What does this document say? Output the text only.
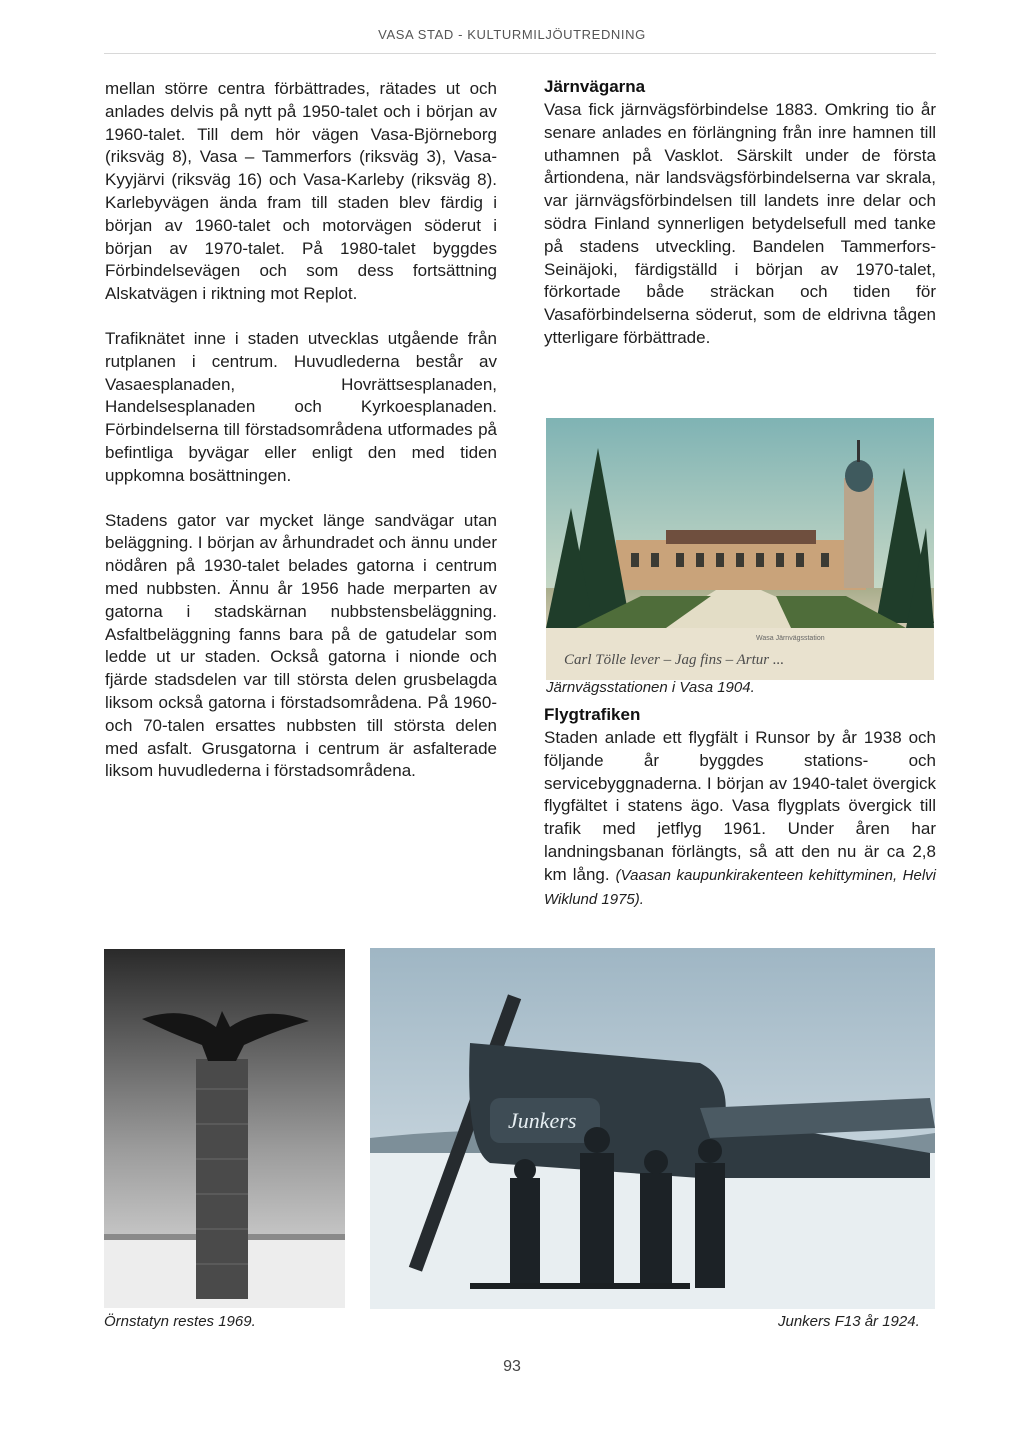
VASA STAD - KULTURMILJÖUTREDNING

mellan större centra förbättrades, rätades ut och anlades delvis på nytt på 1950-talet och i början av 1960-talet. Till dem hör vägen Vasa-Björneborg (riksväg 8), Vasa – Tammerfors (riksväg 3), Vasa-Kyyjärvi (riksväg 16) och Vasa-Karleby (riksväg 8). Karlebyvägen ända fram till staden blev färdig i början av 1960-talet och motorvägen söderut i början av 1970-talet. På 1980-talet byggdes Förbindelsevägen och som dess fortsättning Alskatvägen i riktning mot Replot.

Trafiknätet inne i staden utvecklas utgående från rutplanen i centrum. Huvudlederna består av Vasaesplanaden, Hovrättsesplanaden, Handelsesplanaden och Kyrkoesplanaden. Förbindelserna till förstadsområdena utformades på befintliga byvägar eller enligt den med tiden uppkomna bosättningen.

Stadens gator var mycket länge sandvägar utan beläggning. I början av århundradet och ännu under nödåren på 1930-talet belades gatorna i centrum med nubbsten. Ännu år 1956 hade merparten av gatorna i stadskärnan nubbstensbeläggning. Asfaltbeläggning fanns bara på de gatudelar som ledde ut ur staden. Också gatorna i nionde och fjärde stadsdelen var till största delen grusbelagda liksom också gatorna i förstadsområdena. På 1960- och 70-talen ersattes nubbsten till största delen med asfalt. Grusgatorna i centrum är asfalterade liksom huvudlederna i förstadsområdena.

Järnvägarna

Vasa fick järnvägsförbindelse 1883. Omkring tio år senare anlades en förlängning från inre hamnen till uthamnen på Vasklot. Särskilt under de första årtiondena, när landsvägsförbindelserna var skrala, var järnvägsförbindelsen till landets inre delar och södra Finland synnerligen betydelsefull med tanke på stadens utveckling. Bandelen Tammerfors-Seinäjoki, färdigställd i början av 1970-talet, förkortade både sträckan och tiden för Vasaförbindelserna söderut, som de eldrivna tågen ytterligare förbättrade.

Wasa Järnvägsstation
Carl Tölle lever – Jag fins – Artur ...
Järnvägsstationen i Vasa 1904.
Flygtrafiken

Staden anlade ett flygfält i Runsor by år 1938 och följande år byggdes stations- och servicebyggnaderna. I början av 1940-talet övergick flygfältet i statens ägo. Vasa flygplats övergick till trafik med jetflyg 1961. Under åren har landningsbanan förlängts, så att den nu är ca 2,8 km lång. (Vaasan kaupunkirakenteen kehittyminen, Helvi Wiklund 1975).

Örnstatyn restes 1969.
Junkers
Junkers F13 år 1924.
93
